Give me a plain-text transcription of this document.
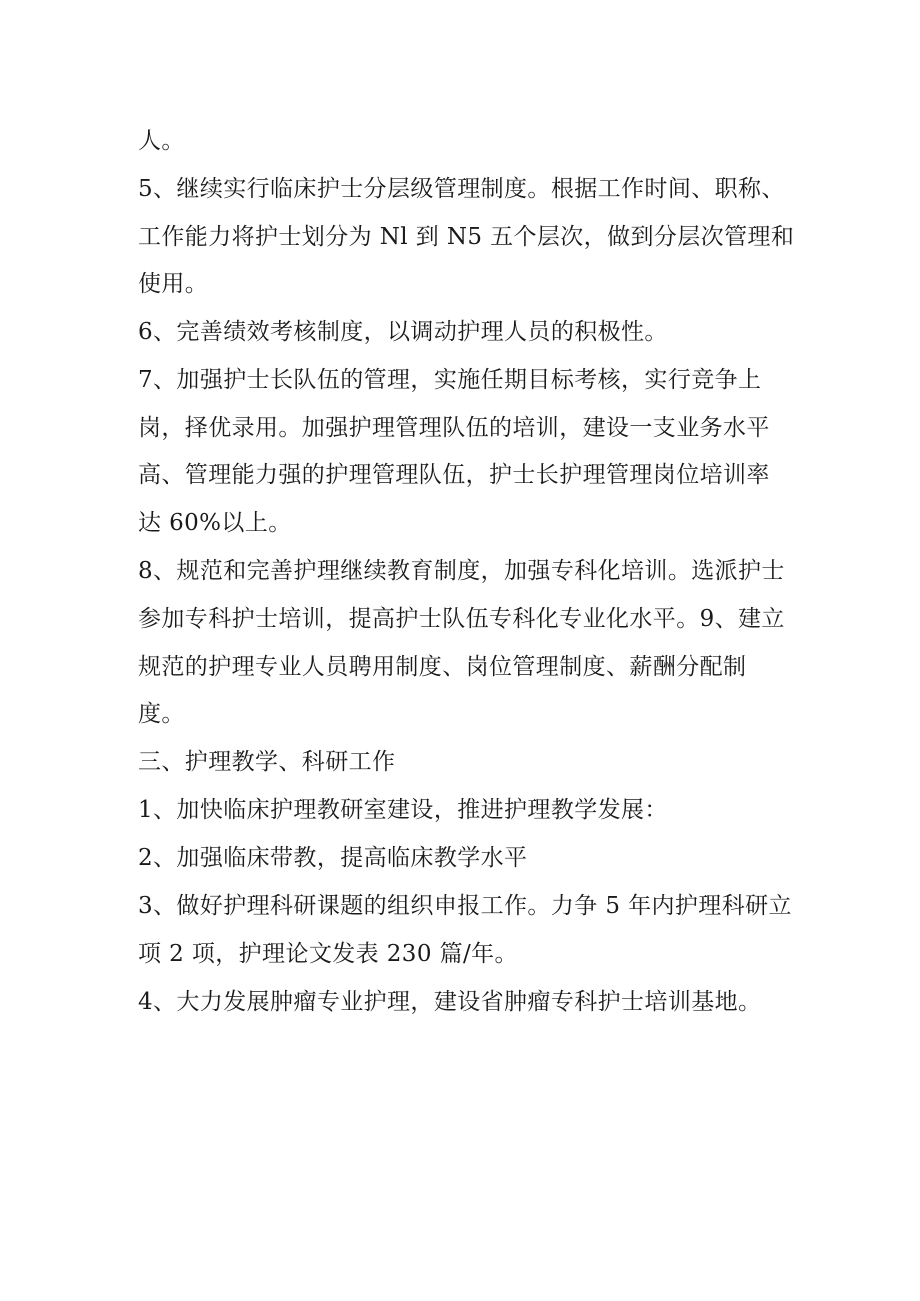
人。
5、继续实行临床护士分层级管理制度。根据工作时间、职称、
工作能力将护士划分为 Nl 到 N5 五个层次，做到分层次管理和
使用。
6、完善绩效考核制度，以调动护理人员的积极性。
7、加强护士长队伍的管理，实施任期目标考核，实行竞争上
岗，择优录用。加强护理管理队伍的培训，建设一支业务水平
高、管理能力强的护理管理队伍，护士长护理管理岗位培训率
达 60%以上。
8、规范和完善护理继续教育制度，加强专科化培训。选派护士
参加专科护士培训，提高护士队伍专科化专业化水平。9、建立
规范的护理专业人员聘用制度、岗位管理制度、薪酬分配制
度。
三、护理教学、科研工作
1、加快临床护理教研室建设，推进护理教学发展：
2、加强临床带教，提高临床教学水平
3、做好护理科研课题的组织申报工作。力争 5 年内护理科研立
项 2 项，护理论文发表 230 篇/年。
4、大力发展肿瘤专业护理，建设省肿瘤专科护士培训基地。
